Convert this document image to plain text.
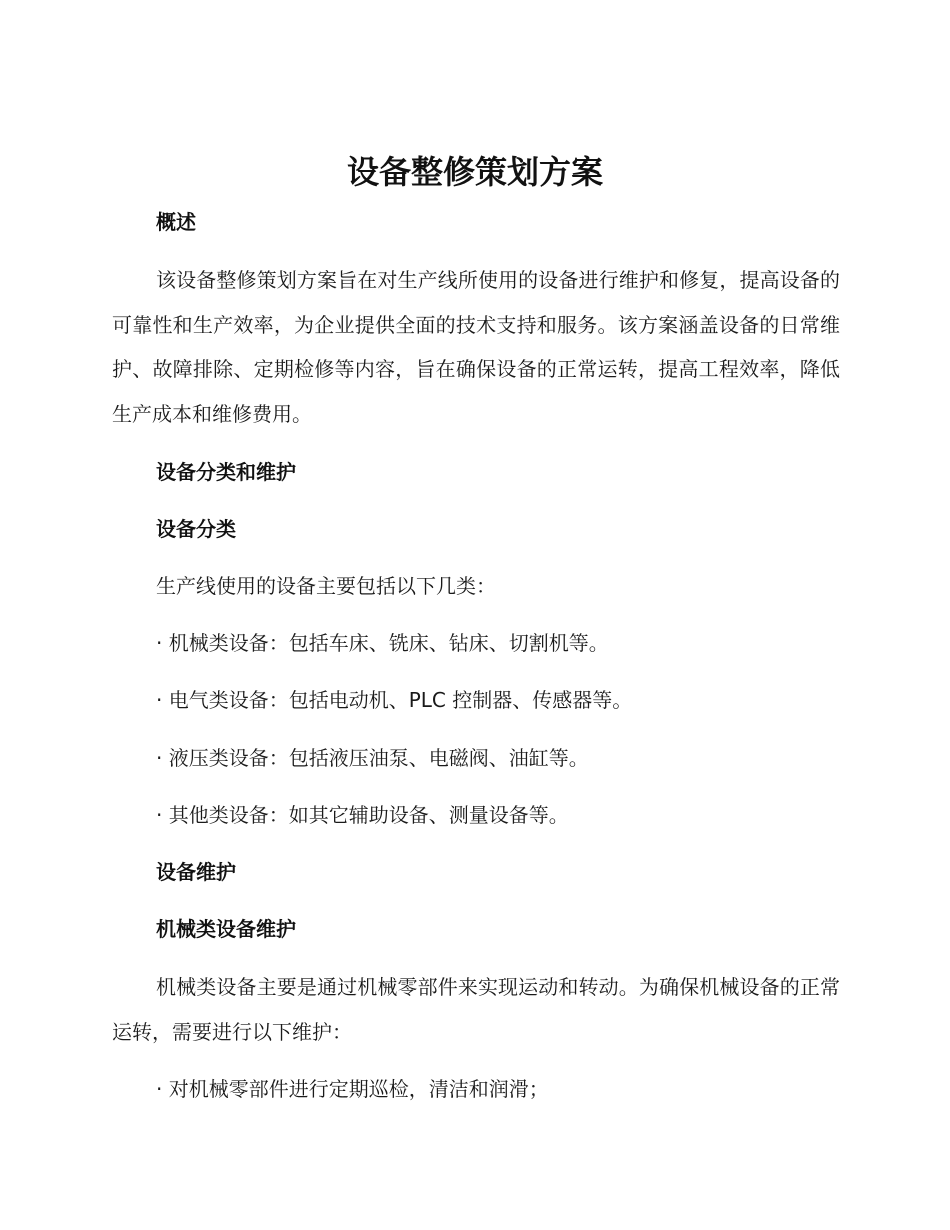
设备整修策划方案
概述
该设备整修策划方案旨在对生产线所使用的设备进行维护和修复，提高设备的可靠性和生产效率，为企业提供全面的技术支持和服务。该方案涵盖设备的日常维护、故障排除、定期检修等内容，旨在确保设备的正常运转，提高工程效率，降低生产成本和维修费用。
设备分类和维护
设备分类
生产线使用的设备主要包括以下几类：
· 机械类设备：包括车床、铣床、钻床、切割机等。
· 电气类设备：包括电动机、PLC 控制器、传感器等。
· 液压类设备：包括液压油泵、电磁阀、油缸等。
· 其他类设备：如其它辅助设备、测量设备等。
设备维护
机械类设备维护
机械类设备主要是通过机械零部件来实现运动和转动。为确保机械设备的正常运转，需要进行以下维护：
· 对机械零部件进行定期巡检，清洁和润滑；
